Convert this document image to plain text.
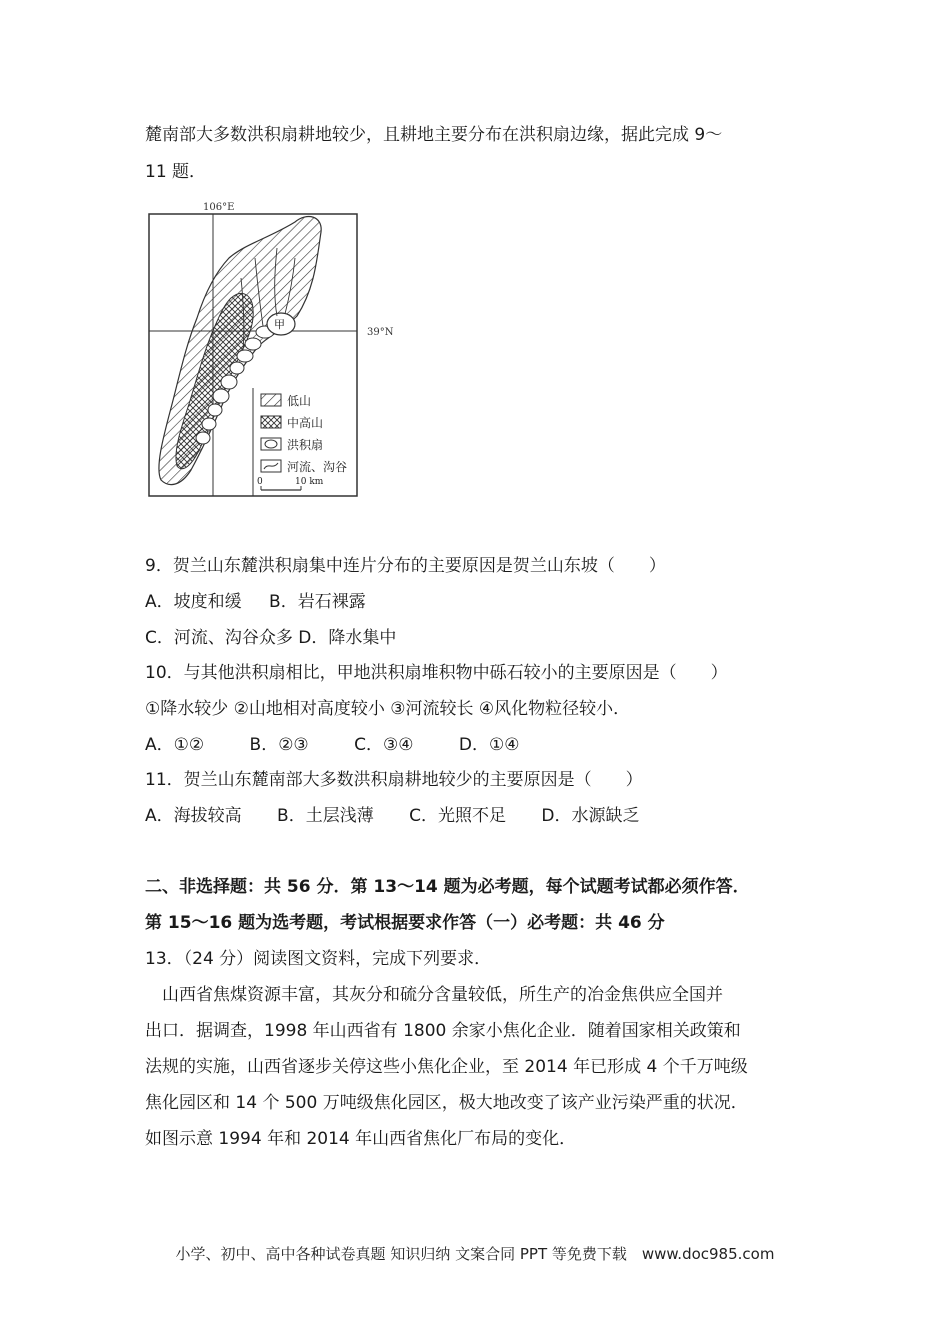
麓南部大多数洪积扇耕地较少，且耕地主要分布在洪积扇边缘，据此完成 9～
11 题．
106°E
39°N
甲
低山
中高山
洪积扇
河流、沟谷
0	10 km
9．贺兰山东麓洪积扇集中连片分布的主要原因是贺兰山东坡（　　）
A．坡度和缓 B．岩石裸露
C．河流、沟谷众多 D．降水集中
10．与其他洪积扇相比，甲地洪积扇堆积物中砾石较小的主要原因是（　　）
①降水较少 ②山地相对高度较小 ③河流较长 ④风化物粒径较小．
A．①②	B．②③	C．③④	D．①④
11．贺兰山东麓南部大多数洪积扇耕地较少的主要原因是（　　）
A．海拔较高 B．土层浅薄 C．光照不足 D．水源缺乏
二、非选择题：共 56 分．第 13～14 题为必考题，每个试题考试都必须作答．
第 15～16 题为选考题，考试根据要求作答（一）必考题：共 46 分
13．（24 分）阅读图文资料，完成下列要求．
　山西省焦煤资源丰富，其灰分和硫分含量较低，所生产的冶金焦供应全国并
出口．据调查，1998 年山西省有 1800 余家小焦化企业．随着国家相关政策和
法规的实施，山西省逐步关停这些小焦化企业，至 2014 年已形成 4 个千万吨级
焦化园区和 14 个 500 万吨级焦化园区，极大地改变了该产业污染严重的状况．
如图示意 1994 年和 2014 年山西省焦化厂布局的变化．
小学、初中、高中各种试卷真题 知识归纳 文案合同 PPT 等免费下载　www.doc985.com
